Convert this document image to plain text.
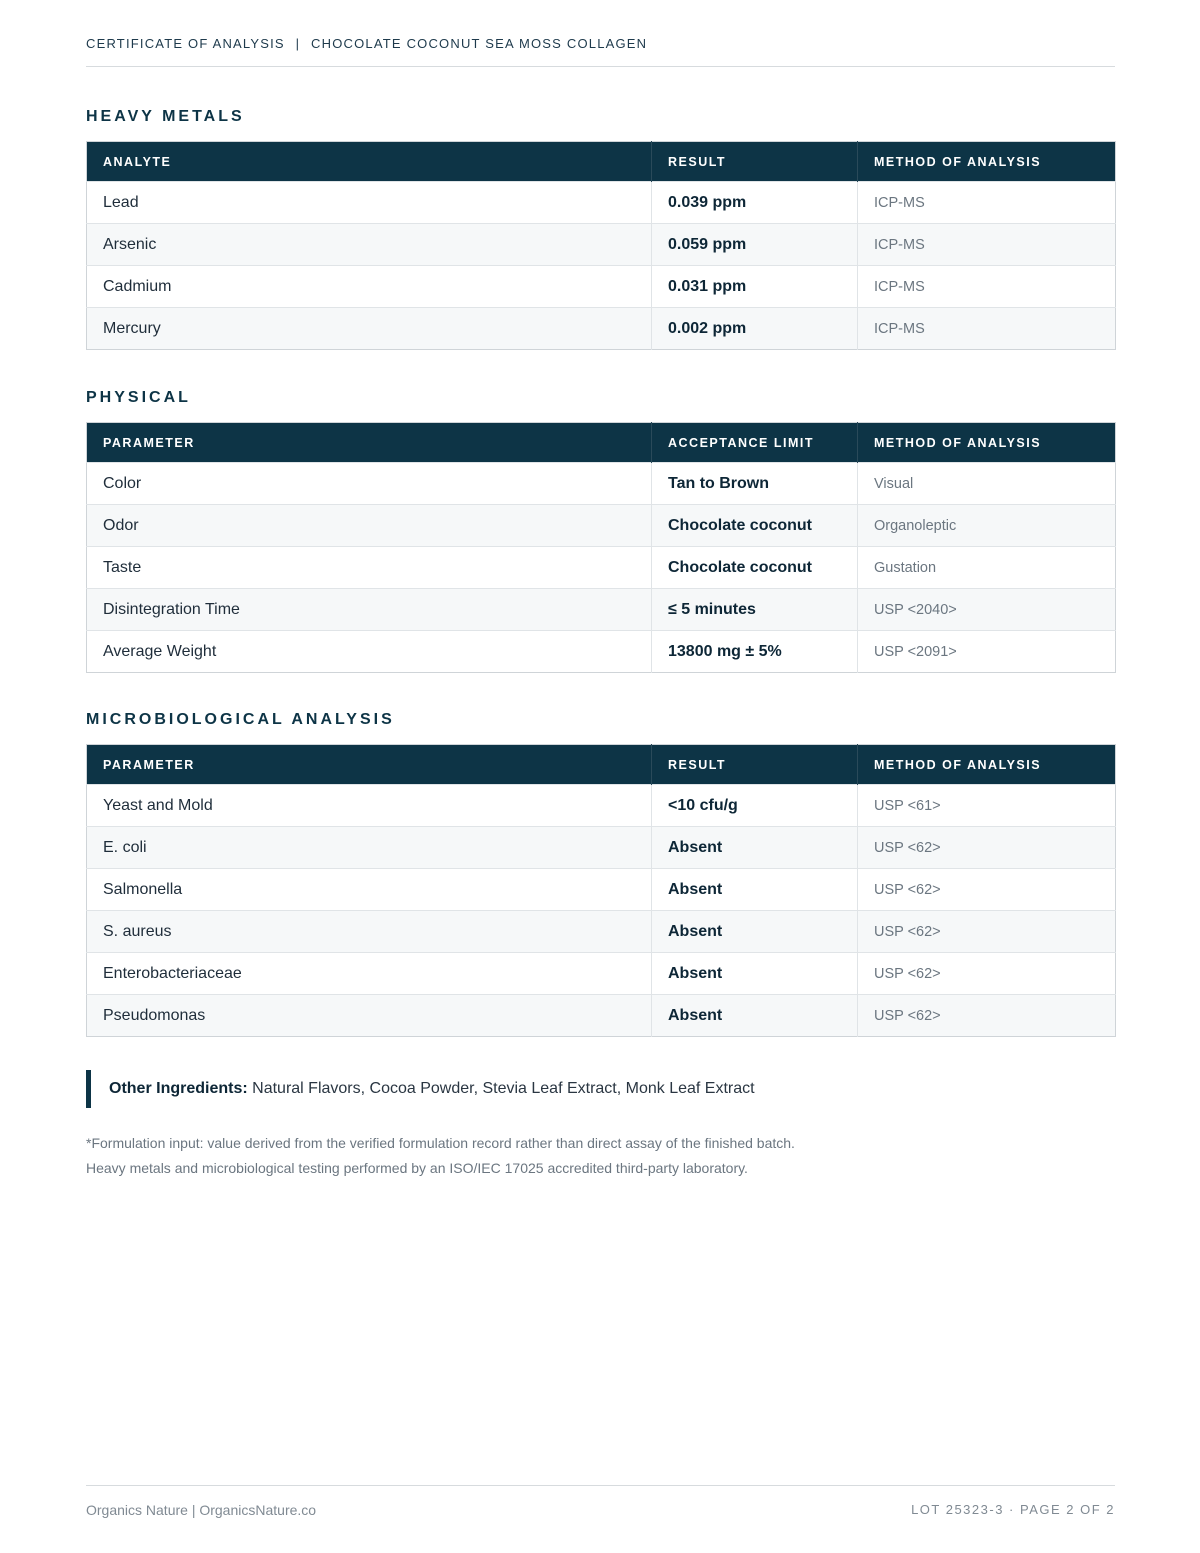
CERTIFICATE OF ANALYSIS | CHOCOLATE COCONUT SEA MOSS COLLAGEN
HEAVY METALS
ANALYTE	RESULT	METHOD OF ANALYSIS
Lead	0.039 ppm	ICP-MS
Arsenic	0.059 ppm	ICP-MS
Cadmium	0.031 ppm	ICP-MS
Mercury	0.002 ppm	ICP-MS
PHYSICAL
PARAMETER	ACCEPTANCE LIMIT	METHOD OF ANALYSIS
Color	Tan to Brown	Visual
Odor	Chocolate coconut	Organoleptic
Taste	Chocolate coconut	Gustation
Disintegration Time	≤ 5 minutes	USP <2040>
Average Weight	13800 mg ± 5%	USP <2091>
MICROBIOLOGICAL ANALYSIS
PARAMETER	RESULT	METHOD OF ANALYSIS
Yeast and Mold	<10 cfu/g	USP <61>
E. coli	Absent	USP <62>
Salmonella	Absent	USP <62>
S. aureus	Absent	USP <62>
Enterobacteriaceae	Absent	USP <62>
Pseudomonas	Absent	USP <62>
Other Ingredients: Natural Flavors, Cocoa Powder, Stevia Leaf Extract, Monk Leaf Extract
*Formulation input: value derived from the verified formulation record rather than direct assay of the finished batch.
Heavy metals and microbiological testing performed by an ISO/IEC 17025 accredited third-party laboratory.
Organics Nature | OrganicsNature.co	LOT 25323-3 · PAGE 2 OF 2
